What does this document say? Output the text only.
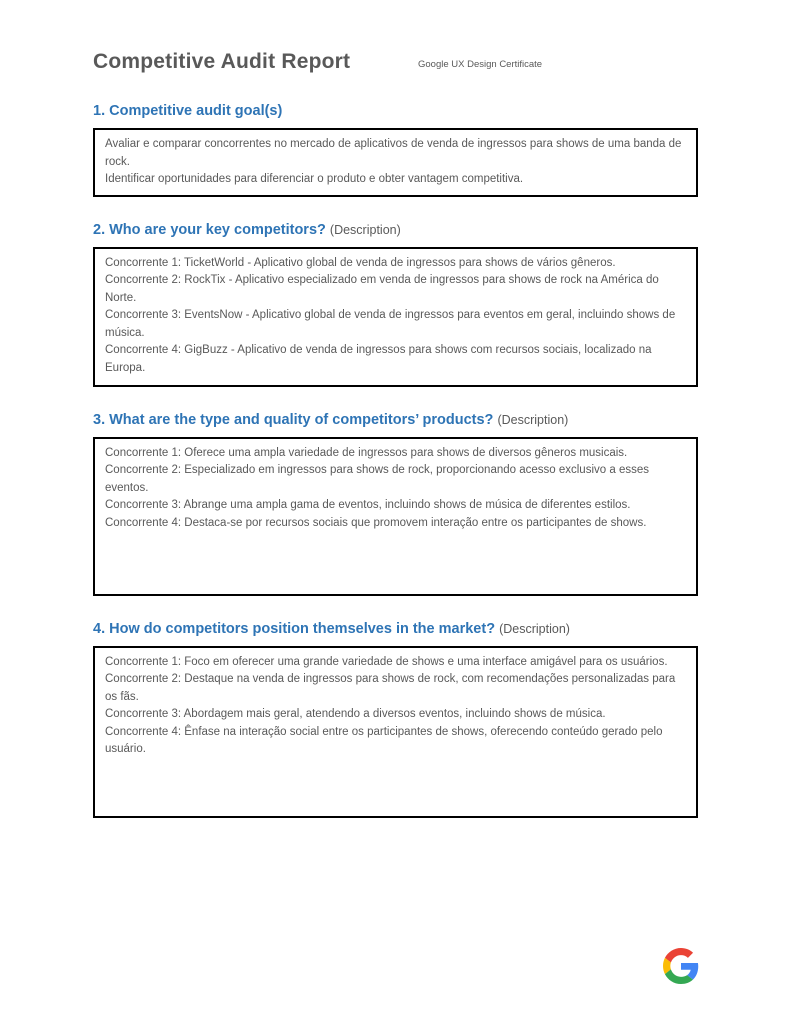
Competitive Audit Report	Google UX Design Certificate
1. Competitive audit goal(s)

Avaliar e comparar concorrentes no mercado de aplicativos de venda de ingressos para shows de uma banda de rock.

Identificar oportunidades para diferenciar o produto e obter vantagem competitiva.

2. Who are your key competitors? (Description)

Concorrente 1: TicketWorld - Aplicativo global de venda de ingressos para shows de vários gêneros.

Concorrente 2: RockTix - Aplicativo especializado em venda de ingressos para shows de rock na América do Norte.

Concorrente 3: EventsNow - Aplicativo global de venda de ingressos para eventos em geral, incluindo shows de música.

Concorrente 4: GigBuzz - Aplicativo de venda de ingressos para shows com recursos sociais, localizado na Europa.

3. What are the type and quality of competitors’ products? (Description)

Concorrente 1: Oferece uma ampla variedade de ingressos para shows de diversos gêneros musicais.

Concorrente 2: Especializado em ingressos para shows de rock, proporcionando acesso exclusivo a esses eventos.

Concorrente 3: Abrange uma ampla gama de eventos, incluindo shows de música de diferentes estilos.

Concorrente 4: Destaca-se por recursos sociais que promovem interação entre os participantes de shows.

4. How do competitors position themselves in the market? (Description)

Concorrente 1: Foco em oferecer uma grande variedade de shows e uma interface amigável para os usuários.

Concorrente 2: Destaque na venda de ingressos para shows de rock, com recomendações personalizadas para os fãs.

Concorrente 3: Abordagem mais geral, atendendo a diversos eventos, incluindo shows de música.

Concorrente 4: Ênfase na interação social entre os participantes de shows, oferecendo conteúdo gerado pelo usuário.
